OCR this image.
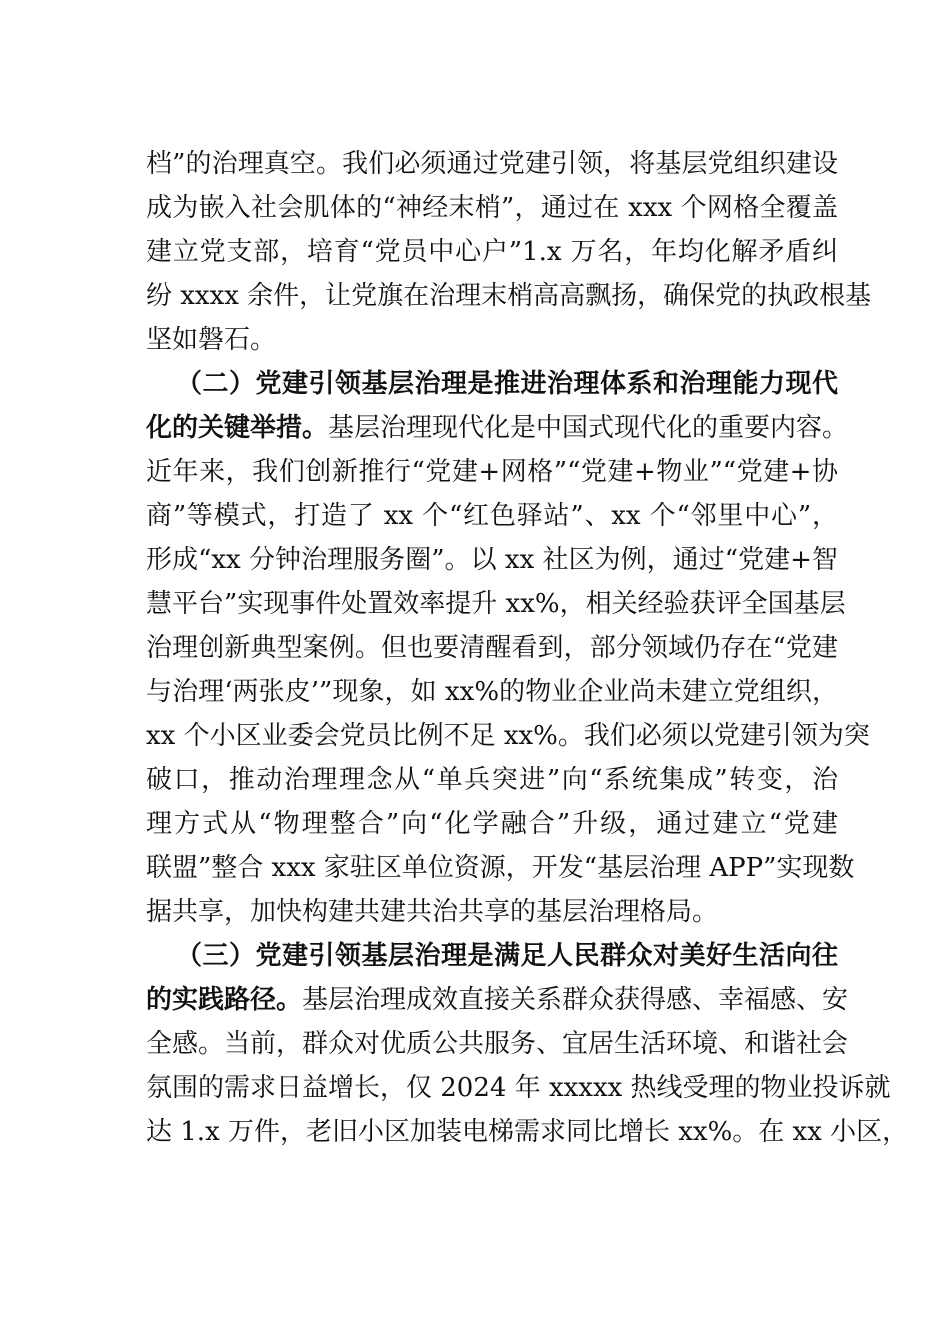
档”的治理真空。我们必须通过党建引领，将基层党组织建设
成为嵌入社会肌体的“神经末梢”，通过在 xxx 个网格全覆盖
建立党支部，培育“党员中心户”1.x 万名，年均化解矛盾纠
纷 xxxx 余件，让党旗在治理末梢高高飘扬，确保党的执政根基
坚如磐石。
（二）党建引领基层治理是推进治理体系和治理能力现代
化的关键举措。基层治理现代化是中国式现代化的重要内容。
近年来，我们创新推行“党建+网格”“党建+物业”“党建+协
商”等模式，打造了 xx 个“红色驿站”、xx 个“邻里中心”，
形成“xx 分钟治理服务圈”。以 xx 社区为例，通过“党建+智
慧平台”实现事件处置效率提升 xx%，相关经验获评全国基层
治理创新典型案例。但也要清醒看到，部分领域仍存在“党建
与治理‘两张皮’”现象，如 xx%的物业企业尚未建立党组织，
xx 个小区业委会党员比例不足 xx%。我们必须以党建引领为突
破口，推动治理理念从“单兵突进”向“系统集成”转变，治
理方式从“物理整合”向“化学融合”升级，通过建立“党建
联盟”整合 xxx 家驻区单位资源，开发“基层治理 APP”实现数
据共享，加快构建共建共治共享的基层治理格局。
（三）党建引领基层治理是满足人民群众对美好生活向往
的实践路径。基层治理成效直接关系群众获得感、幸福感、安
全感。当前，群众对优质公共服务、宜居生活环境、和谐社会
氛围的需求日益增长，仅 2024 年 xxxxx 热线受理的物业投诉就
达 1.x 万件，老旧小区加装电梯需求同比增长 xx%。在 xx 小区，
